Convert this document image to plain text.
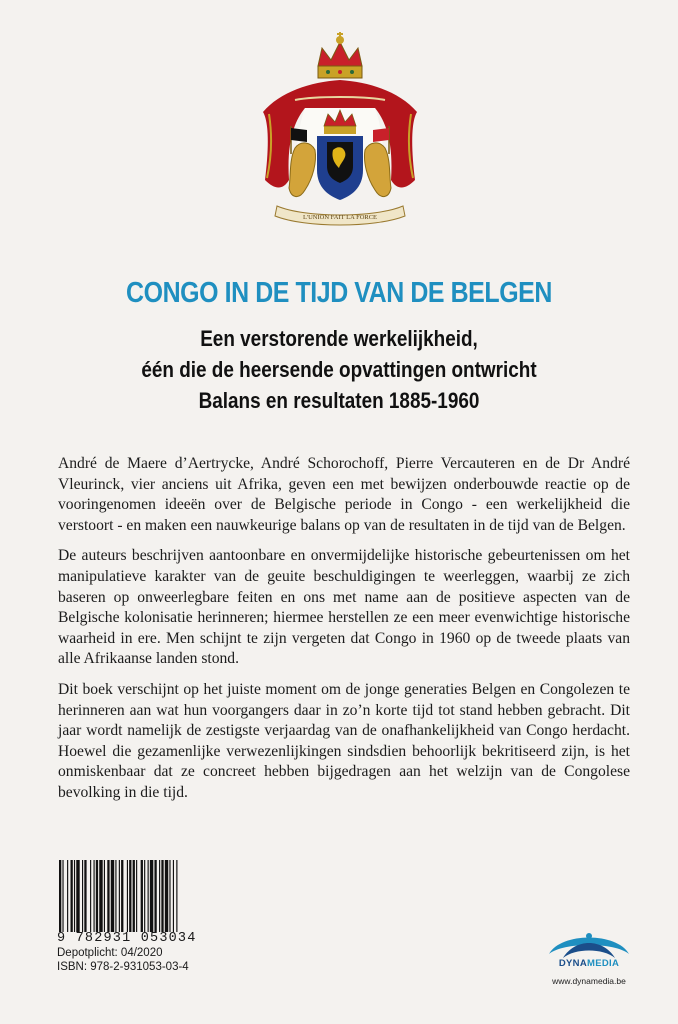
L'UNION FAIT LA FORCE
CONGO IN DE TIJD VAN DE BELGEN
Een verstorende werkelijkheid,
één die de heersende opvattingen ontwricht
Balans en resultaten 1885-1960

André de Maere d’Aertrycke, André Schorochoff, Pierre Vercauteren en de Dr André Vleurinck, vier anciens uit Afrika, geven een met bewijzen onderbouwde reactie op de vooringenomen ideeën over de Belgische periode in Congo - een werkelijkheid die verstoort - en maken een nauwkeurige balans op van de resultaten in de tijd van de Belgen.

De auteurs beschrijven aantoonbare en onvermijdelijke historische gebeurtenissen om het manipulatieve karakter van de geuite beschuldigingen te weerleggen, waarbij ze zich baseren op onweerlegbare feiten en ons met name aan de positieve aspecten van de Belgische kolonisatie herinneren; hiermee herstellen ze een meer evenwichtige historische waarheid in ere. Men schijnt te zijn vergeten dat Congo in 1960 op de tweede plaats van alle Afrikaanse landen stond.

Dit boek verschijnt op het juiste moment om de jonge generaties Belgen en Congolezen te herinneren aan wat hun voorgangers daar in zo’n korte tijd tot stand hebben gebracht. Dit jaar wordt namelijk de zestigste verjaardag van de onafhankelijkheid van Congo herdacht. Hoewel die gezamenlijke verwezenlijkingen sindsdien behoorlijk bekritiseerd zijn, is het onmiskenbaar dat ze concreet hebben bijgedragen aan het welzijn van de Congolese bevolking in die tijd.

9 782931 053034
Depotplicht: 04/2020
ISBN: 978-2-931053-03-4	DYNAMEDIA
www.dynamedia.be
